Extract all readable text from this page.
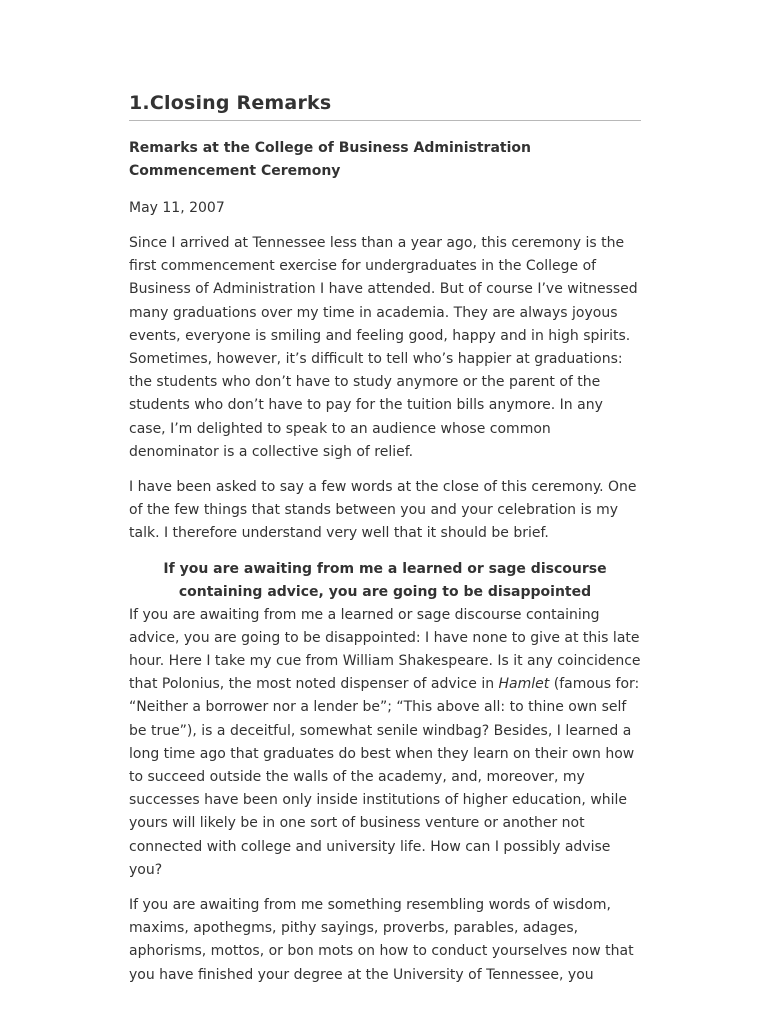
1.Closing Remarks

Remarks at the College of Business Administration
Commencement Ceremony

May 11, 2007

Since I arrived at Tennessee less than a year ago, this ceremony is the first commencement exercise for undergraduates in the College of Business of Administration I have attended. But of course I’ve witnessed many graduations over my time in academia. They are always joyous events, everyone is smiling and feeling good, happy and in high spirits. Sometimes, however, it’s difficult to tell who’s happier at graduations: the students who don’t have to study anymore or the parent of the students who don’t have to pay for the tuition bills anymore. In any case, I’m delighted to speak to an audience whose common denominator is a collective sigh of relief.

I have been asked to say a few words at the close of this ceremony. One of the few things that stands between you and your celebration is my talk. I therefore understand very well that it should be brief.

If you are awaiting from me a learned or sage discourse containing advice, you are going to be disappointed

If you are awaiting from me a learned or sage discourse containing advice, you are going to be disappointed: I have none to give at this late hour. Here I take my cue from William Shakespeare. Is it any coincidence that Polonius, the most noted dispenser of advice in Hamlet (famous for: “Neither a borrower nor a lender be”; “This above all: to thine own self be true”), is a deceitful, somewhat senile windbag? Besides, I learned a long time ago that graduates do best when they learn on their own how to succeed outside the walls of the academy, and, moreover, my successes have been only inside institutions of higher education, while yours will likely be in one sort of business venture or another not connected with college and university life. How can I possibly advise you?

If you are awaiting from me something resembling words of wisdom, maxims, apothegms, pithy sayings, proverbs, parables, adages, aphorisms, mottos, or bon mots on how to conduct yourselves now that you have finished your degree at the University of Tennessee, you
